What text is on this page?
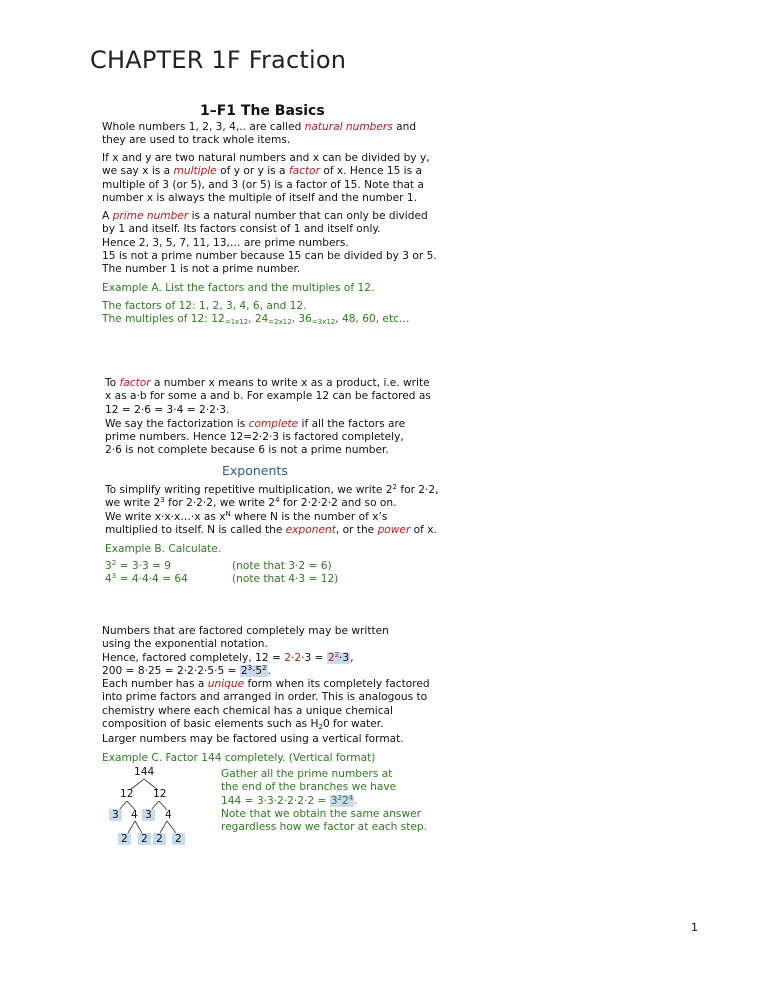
CHAPTER 1F Fraction
1–F1 The Basics
Whole numbers 1, 2, 3, 4,.. are called natural numbers and
they are used to track whole items.
If x and y are two natural numbers and x can be divided by y,
we say x is a multiple of y or y is a factor of x. Hence 15 is a
multiple of 3 (or 5), and 3 (or 5) is a factor of 15. Note that a
number x is always the multiple of itself and the number 1.
A prime number is a natural number that can only be divided
by 1 and itself. Its factors consist of 1 and itself only.
Hence 2, 3, 5, 7, 11, 13,… are prime numbers.
15 is not a prime number because 15 can be divided by 3 or 5.
The number 1 is not a prime number.
Example A. List the factors and the multiples of 12.
The factors of 12: 1, 2, 3, 4, 6, and 12.
The multiples of 12: $12_{=1x12}$, $24_{=2x12}$, $36_{=3x12}$, 48, 60, etc…
To factor a number x means to write x as a product, i.e. write
x as a·b for some a and b. For example 12 can be factored as
12 = 2·6 = 3·4 = 2·2·3.
We say the factorization is complete if all the factors are
prime numbers. Hence 12=2·2·3 is factored completely,
2·6 is not complete because 6 is not a prime number.
Exponents
To simplify writing repetitive multiplication, we write $2^2$ for 2·2,
we write $2^3$ for 2·2·2, we write $2^4$ for 2·2·2·2 and so on.
We write x·x·x…·x as $x^N$ where N is the number of x’s
multiplied to itself. N is called the exponent, or the power of x.
Example B. Calculate.
$3^2 = 3\cdot 3 = 9$	(note that 3·2 = 6)
$4^3 = 4\cdot 4\cdot 4 = 64$	(note that 4·3 = 12)
Numbers that are factored completely may be written
using the exponential notation.
Hence, factored completely, $12 = 2\cdot 2\cdot 3 = 2^2\cdot 3$,
$200 = 8\cdot 25 = 2\cdot 2\cdot 2\cdot 5\cdot 5 = 2^3\cdot 5^2$.
Each number has a unique form when its completely factored
into prime factors and arranged in order. This is analogous to
chemistry where each chemical has a unique chemical
composition of basic elements such as $H_20$ for water.
Larger numbers may be factored using a vertical format.
Example C. Factor 144 completely. (Vertical format)
144
12 12
3 4 3 4
2 2 2 2
Gather all the prime numbers at
the end of the branches we have
$144 = 3\cdot 3\cdot 2\cdot 2\cdot 2\cdot 2 = 3^22^4$.
Note that we obtain the same answer
regardless how we factor at each step.
1
